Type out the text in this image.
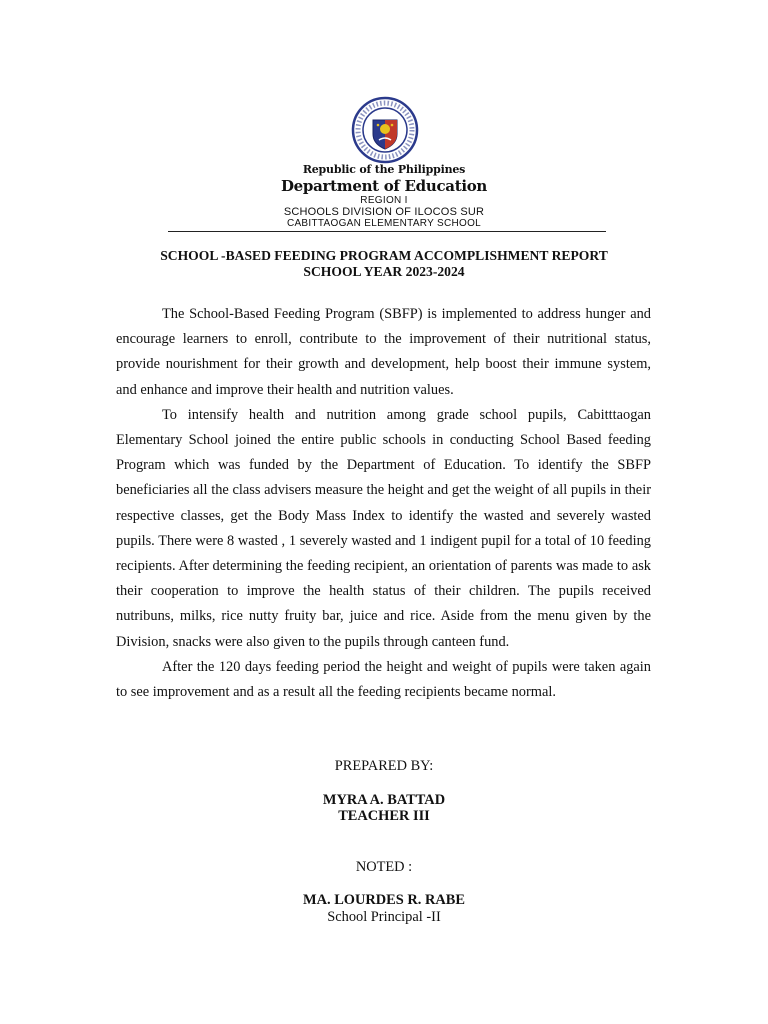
Republic of the Philippines
Department of Education
REGION I
SCHOOLS DIVISION OF ILOCOS SUR
CABITTAOGAN ELEMENTARY SCHOOL
SCHOOL -BASED FEEDING PROGRAM ACCOMPLISHMENT REPORT
SCHOOL YEAR 2023-2024

The School-Based Feeding Program (SBFP) is implemented to address hunger and encourage learners to enroll, contribute to the improvement of their nutritional status, provide nourishment for their growth and development, help boost their immune system, and enhance and improve their health and nutrition values.

To intensify health and nutrition among grade school pupils, Cabitttaogan Elementary School joined the entire public schools in conducting School Based feeding Program which was funded by the Department of Education. To identify the SBFP beneficiaries all the class advisers measure the height and get the weight of all pupils in their respective classes, get the Body Mass Index to identify the wasted and severely wasted pupils. There were 8 wasted , 1 severely wasted and 1 indigent pupil for a total of 10 feeding recipients. After determining the feeding recipient, an orientation of parents was made to ask their cooperation to improve the health status of their children. The pupils received nutribuns, milks, rice nutty fruity bar, juice and rice. Aside from the menu given by the Division, snacks were also given to the pupils through canteen fund.

After the 120 days feeding period the height and weight of pupils were taken again to see improvement and as a result all the feeding recipients became normal.

PREPARED BY:
MYRA A. BATTAD
TEACHER III
NOTED :
MA. LOURDES R. RABE
School Principal -II
